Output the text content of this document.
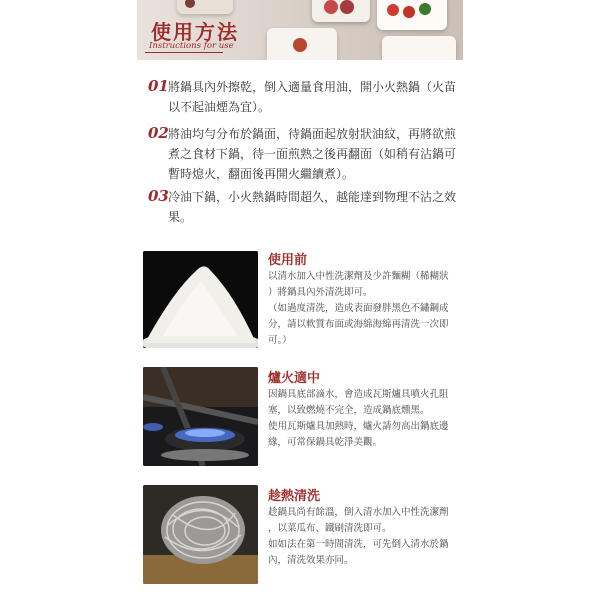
使用方法
Instructions for use
01 將鍋具內外擦乾，倒入適量食用油，開小火熱鍋（火苗
以不起油煙為宜）。
02 將油均勻分布於鍋面，待鍋面起放射狀油紋，再將欲煎
煮之食材下鍋，待一面煎熟之後再翻面（如稍有沾鍋可
暫時熄火，翻面後再開火繼續煮）。
03 冷油下鍋，小火熱鍋時間超久，越能達到物理不沾之效
果。
使用前

以清水加入中性洗潔劑及少許麵糊（稀糊狀

）將鍋具內外清洗即可。

（如過度清洗，造成表面發胖黑色不鏽鋼成

分，請以軟質布面或海綿海綿再清洗一次即

可。）

爐火適中

因鍋具底部滴水，會造成瓦斯爐具噴火孔阻

塞，以致燃燒不完全，造成鍋底燻黑。

使用瓦斯爐具加熱時，爐火請勿高出鍋底邊

緣，可常保鍋具乾淨美觀。

趁熱清洗

趁鍋具尚有餘溫，倒入清水加入中性洗潔劑

，以菜瓜布、鐵刷清洗即可。

如如法在第一時間清洗，可先倒入清水於鍋

內，清洗效果亦同。
